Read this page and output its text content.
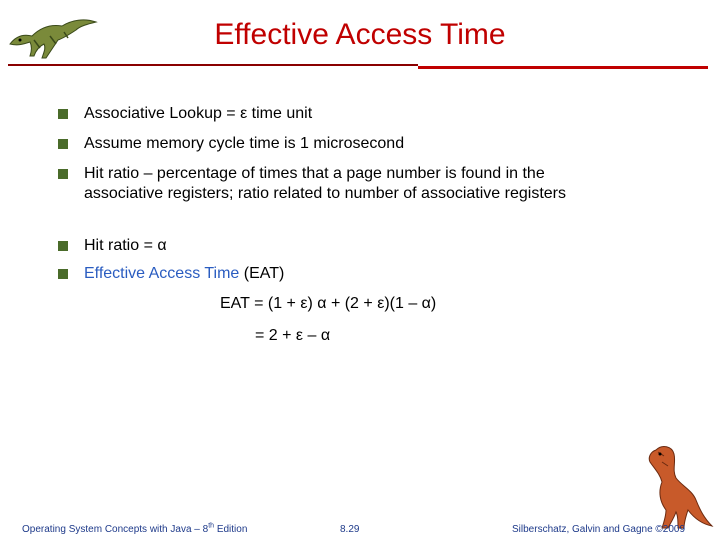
Effective Access Time
Associative Lookup = ε time unit
Assume memory cycle time is 1 microsecond
Hit ratio – percentage of times that a page number is found in the associative registers; ratio related to number of associative registers
Hit ratio = α
Effective Access Time (EAT)
EAT = (1 + ε) α + (2 + ε)(1 – α)
= 2 + ε – α
Operating System Concepts with Java – 8th Edition	8.29	Silberschatz, Galvin and Gagne ©2009
